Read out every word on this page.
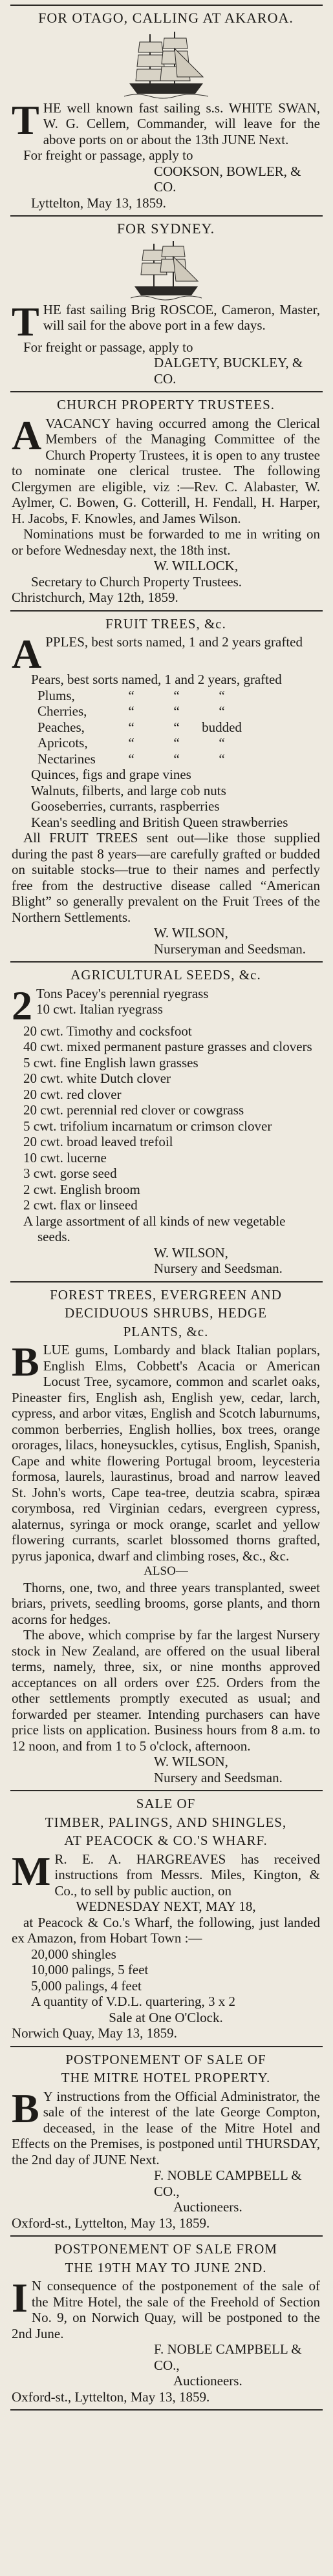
FOR OTAGO, CALLING AT AKAROA.
T HE well known fast sailing s.s. WHITE SWAN, W. G. Cellem, Commander, will leave for the above ports on or about the 13th JUNE Next.
For freight or passage, apply to
COOKSON, BOWLER, & CO.
Lyttelton, May 13, 1859.
FOR SYDNEY.
T HE fast sailing Brig ROSCOE, Cameron, Master, will sail for the above port in a few days.
For freight or passage, apply to
DALGETY, BUCKLEY, & CO.
CHURCH PROPERTY TRUSTEES.
A VACANCY having occurred among the Clerical Members of the Managing Committee of the Church Property Trustees, it is open to any trustee to nominate one clerical trustee. The following Clergymen are eligible, viz :—Rev. C. Alabaster, W. Aylmer, C. Bowen, G. Cotterill, H. Fendall, H. Harper, H. Jacobs, F. Knowles, and James Wilson.
Nominations must be forwarded to me in writing on or before Wednesday next, the 18th inst.
W. WILLOCK,
Secretary to Church Property Trustees.
Christchurch, May 12th, 1859.
FRUIT TREES, &c.
A PPLES, best sorts named, 1 and 2 years grafted
Pears, best sorts named, 1 and 2 years, grafted
Plums,	“	“	“
Cherries,	“	“	“
Peaches,	“	“	budded
Apricots,	“	“	“
Nectarines	“	“	“
Quinces, figs and grape vines
Walnuts, filberts, and large cob nuts
Gooseberries, currants, raspberries
Kean's seedling and British Queen strawberries
All FRUIT TREES sent out—like those supplied during the past 8 years—are carefully grafted or budded on suitable stocks—true to their names and perfectly free from the destructive disease called “American Blight” so generally prevalent on the Fruit Trees of the Northern Settlements.
W. WILSON,
Nurseryman and Seedsman.
AGRICULTURAL SEEDS, &c.
2 Tons Pacey's perennial ryegrass
10 cwt. Italian ryegrass
20 cwt. Timothy and cocksfoot
40 cwt. mixed permanent pasture grasses and clovers
5 cwt. fine English lawn grasses
20 cwt. white Dutch clover
20 cwt. red clover
20 cwt. perennial red clover or cowgrass
5 cwt. trifolium incarnatum or crimson clover
20 cwt. broad leaved trefoil
10 cwt. lucerne
3 cwt. gorse seed
2 cwt. English broom
2 cwt. flax or linseed
A large assortment of all kinds of new vegetable seeds.
W. WILSON,
Nursery and Seedsman.
FOREST TREES, EVERGREEN AND
DECIDUOUS SHRUBS, HEDGE
PLANTS, &c.
B LUE gums, Lombardy and black Italian poplars, English Elms, Cobbett's Acacia or American Locust Tree, sycamore, common and scarlet oaks, Pineaster firs, English ash, English yew, cedar, larch, cypress, and arbor vitæs, English and Scotch laburnums, common berberries, English hollies, box trees, orange ororages, lilacs, honeysuckles, cytisus, English, Spanish, Cape and white flowering Portugal broom, leycesteria formosa, laurels, laurastinus, broad and narrow leaved St. John's worts, Cape tea-tree, deutzia scabra, spiræa corymbosa, red Virginian cedars, evergreen cypress, alaternus, syringa or mock orange, scarlet and yellow flowering currants, scarlet blossomed thorns grafted, pyrus japonica, dwarf and climbing roses, &c., &c.
ALSO—
Thorns, one, two, and three years transplanted, sweet briars, privets, seedling brooms, gorse plants, and thorn acorns for hedges.
The above, which comprise by far the largest Nursery stock in New Zealand, are offered on the usual liberal terms, namely, three, six, or nine months approved acceptances on all orders over £25. Orders from the other settlements promptly executed as usual; and forwarded per steamer. Intending purchasers can have price lists on application. Business hours from 8 a.m. to 12 noon, and from 1 to 5 o'clock, afternoon.
W. WILSON,
Nursery and Seedsman.
SALE OF
TIMBER, PALINGS, AND SHINGLES,
AT PEACOCK & CO.'S WHARF.
M R. E. A. HARGREAVES has received instructions from Messrs. Miles, Kington, & Co., to sell by public auction, on
WEDNESDAY NEXT, MAY 18,
at Peacock & Co.'s Wharf, the following, just landed ex Amazon, from Hobart Town :—
20,000 shingles
10,000 palings, 5 feet
5,000 palings, 4 feet
A quantity of V.D.L. quartering, 3 x 2
Sale at One O'Clock.
Norwich Quay, May 13, 1859.
POSTPONEMENT OF SALE OF
THE MITRE HOTEL PROPERTY.
B Y instructions from the Official Administrator, the sale of the interest of the late George Compton, deceased, in the lease of the Mitre Hotel and Effects on the Premises, is postponed until THURSDAY, the 2nd day of JUNE Next.
F. NOBLE CAMPBELL & CO.,
Auctioneers.
Oxford-st., Lyttelton, May 13, 1859.
POSTPONEMENT OF SALE FROM
THE 19TH MAY TO JUNE 2ND.
I N consequence of the postponement of the sale of the Mitre Hotel, the sale of the Freehold of Section No. 9, on Norwich Quay, will be postponed to the 2nd June.
F. NOBLE CAMPBELL & CO.,
Auctioneers.
Oxford-st., Lyttelton, May 13, 1859.
